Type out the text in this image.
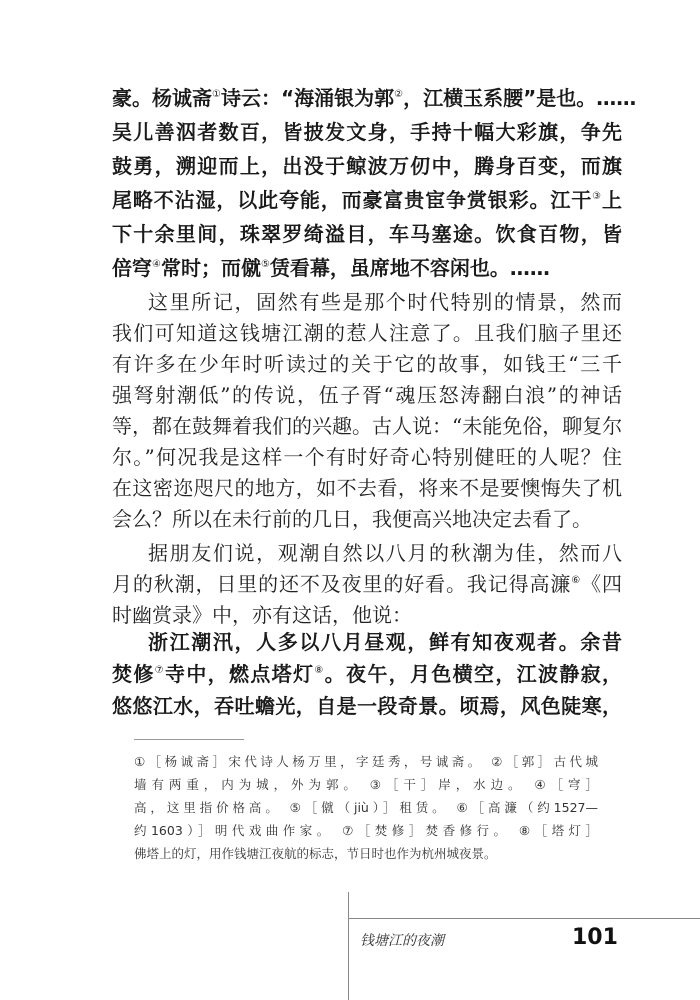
豪。杨诚斋①诗云：“海涌银为郭②，江横玉系腰”是也。……
吴儿善泅者数百，皆披发文身，手持十幅大彩旗，争先
鼓勇，溯迎而上，出没于鲸波万仞中，腾身百变，而旗
尾略不沾湿，以此夸能，而豪富贵宦争赏银彩。江干③上
下十余里间，珠翠罗绮溢目，车马塞途。饮食百物，皆
倍穹④常时；而僦⑤赁看幕，虽席地不容闲也。……
这里所记，固然有些是那个时代特别的情景，然而
我们可知道这钱塘江潮的惹人注意了。且我们脑子里还
有许多在少年时听读过的关于它的故事，如钱王“三千
强弩射潮低”的传说，伍子胥“魂压怒涛翻白浪”的神话
等，都在鼓舞着我们的兴趣。古人说：“未能免俗，聊复尔
尔。”何况我是这样一个有时好奇心特别健旺的人呢？住
在这密迩咫尺的地方，如不去看，将来不是要懊悔失了机
会么？所以在未行前的几日，我便高兴地决定去看了。
据朋友们说，观潮自然以八月的秋潮为佳，然而八
月的秋潮，日里的还不及夜里的好看。我记得高濂⑥《四
时幽赏录》中，亦有这话，他说：
浙江潮汛，人多以八月昼观，鲜有知夜观者。余昔
焚修⑦寺中，燃点塔灯⑧。夜午，月色横空，江波静寂，
悠悠江水，吞吐蟾光，自是一段奇景。顷焉，风色陡寒，
①［杨诚斋］宋代诗人杨万里，字廷秀，号诚斋。 ②［郭］古代城
墙有两重，内为城，外为郭。 ③［干］岸，水边。 ④［穹］
高，这里指价格高。 ⑤［僦（jiù）］租赁。 ⑥［高濂（约1527—
约1603）］明代戏曲作家。 ⑦［焚修］焚香修行。 ⑧［塔灯］
佛塔上的灯，用作钱塘江夜航的标志，节日时也作为杭州城夜景。
钱塘江的夜潮	101
